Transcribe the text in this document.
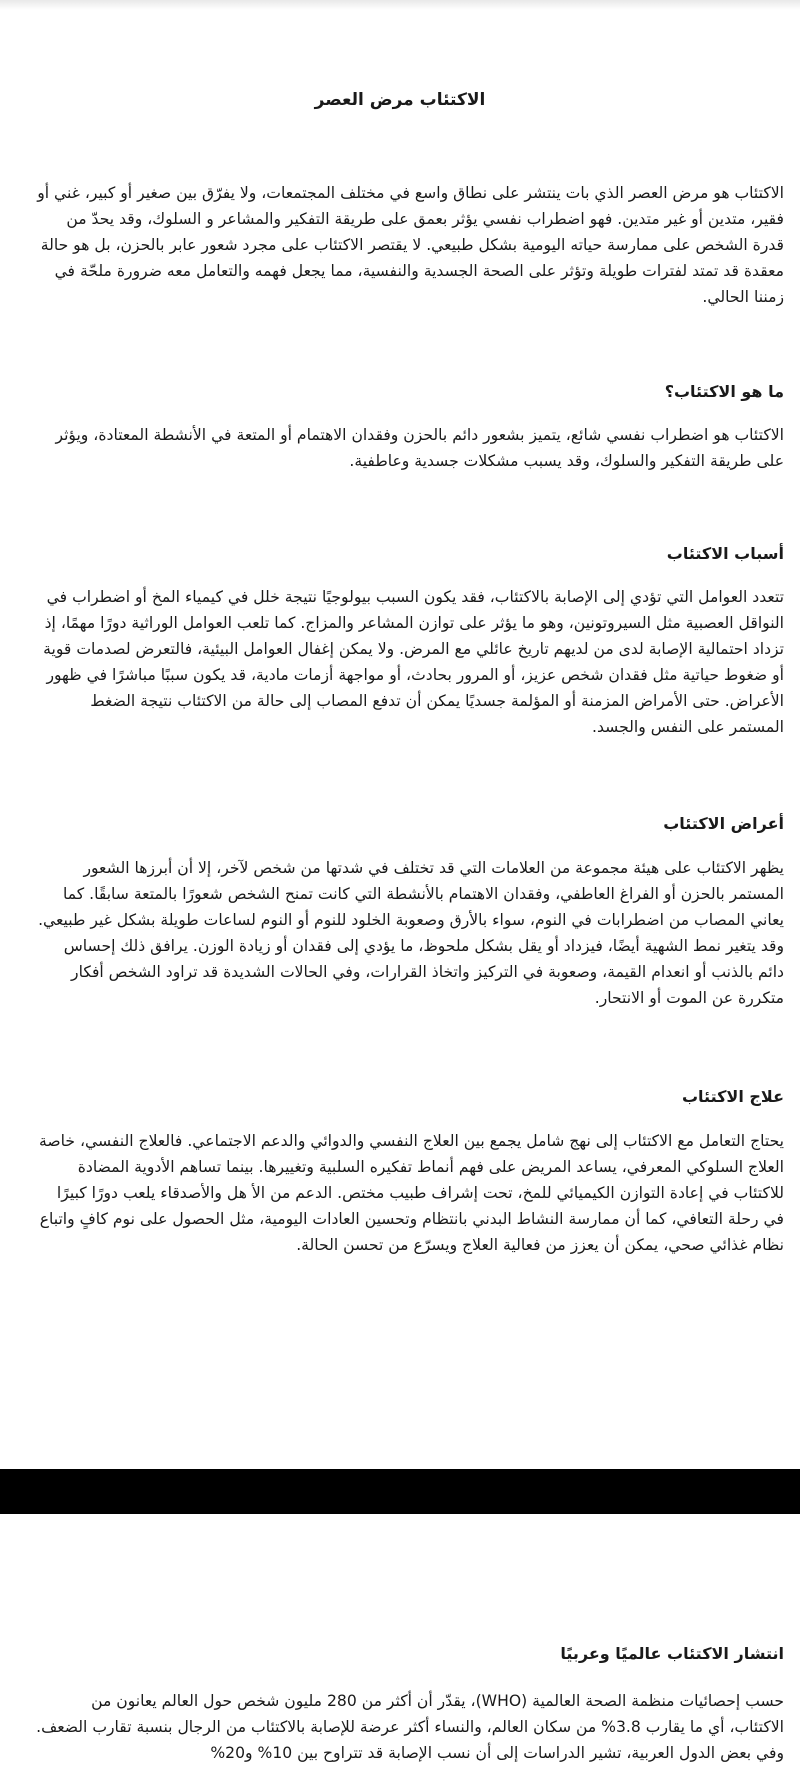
الاكتئاب مرض العصر
الاكتئاب هو مرض العصر الذي بات ينتشر على نطاق واسع في مختلف المجتمعات، ولا يفرّق بين صغير أو كبير، غني أو فقير، متدين أو غير متدين. فهو اضطراب نفسي يؤثر بعمق على طريقة التفكير والمشاعر و السلوك، وقد يحدّ من قدرة الشخص على ممارسة حياته اليومية بشكل طبيعي. لا يقتصر الاكتئاب على مجرد شعور عابر بالحزن، بل هو حالة معقدة قد تمتد لفترات طويلة وتؤثر على الصحة الجسدية والنفسية، مما يجعل فهمه والتعامل معه ضرورة ملحّة في زمننا الحالي.
ما هو الاكتئاب؟
الاكتئاب هو اضطراب نفسي شائع، يتميز بشعور دائم بالحزن وفقدان الاهتمام أو المتعة في الأنشطة المعتادة، ويؤثر على طريقة التفكير والسلوك، وقد يسبب مشكلات جسدية وعاطفية.
أسباب الاكتئاب
تتعدد العوامل التي تؤدي إلى الإصابة بالاكتئاب، فقد يكون السبب بيولوجيًا نتيجة خلل في كيمياء المخ أو اضطراب في النواقل العصبية مثل السيروتونين، وهو ما يؤثر على توازن المشاعر والمزاج. كما تلعب العوامل الوراثية دورًا مهمًا، إذ تزداد احتمالية الإصابة لدى من لديهم تاريخ عائلي مع المرض. ولا يمكن إغفال العوامل البيئية، فالتعرض لصدمات قوية أو ضغوط حياتية مثل فقدان شخص عزيز، أو المرور بحادث، أو مواجهة أزمات مادية، قد يكون سببًا مباشرًا في ظهور الأعراض. حتى الأمراض المزمنة أو المؤلمة جسديًا يمكن أن تدفع المصاب إلى حالة من الاكتئاب نتيجة الضغط المستمر على النفس والجسد.
أعراض الاكتئاب
يظهر الاكتئاب على هيئة مجموعة من العلامات التي قد تختلف في شدتها من شخص لآخر، إلا أن أبرزها الشعور المستمر بالحزن أو الفراغ العاطفي، وفقدان الاهتمام بالأنشطة التي كانت تمنح الشخص شعورًا بالمتعة سابقًا. كما يعاني المصاب من اضطرابات في النوم، سواء بالأرق وصعوبة الخلود للنوم أو النوم لساعات طويلة بشكل غير طبيعي. وقد يتغير نمط الشهية أيضًا، فيزداد أو يقل بشكل ملحوظ، ما يؤدي إلى فقدان أو زيادة الوزن. يرافق ذلك إحساس دائم بالذنب أو انعدام القيمة، وصعوبة في التركيز واتخاذ القرارات، وفي الحالات الشديدة قد تراود الشخص أفكار متكررة عن الموت أو الانتحار.
علاج الاكتئاب
يحتاج التعامل مع الاكتئاب إلى نهج شامل يجمع بين العلاج النفسي والدوائي والدعم الاجتماعي. فالعلاج النفسي، خاصة العلاج السلوكي المعرفي، يساعد المريض على فهم أنماط تفكيره السلبية وتغييرها. بينما تساهم الأدوية المضادة للاكتئاب في إعادة التوازن الكيميائي للمخ، تحت إشراف طبيب مختص. الدعم من الأ هل والأصدقاء يلعب دورًا كبيرًا في رحلة التعافي، كما أن ممارسة النشاط البدني بانتظام وتحسين العادات اليومية، مثل الحصول على نوم كافٍ واتباع نظام غذائي صحي، يمكن أن يعزز من فعالية العلاج ويسرّع من تحسن الحالة.
انتشار الاكتئاب عالميًا وعربيًا
حسب إحصائيات منظمة الصحة العالمية (WHO)، يقدّر أن أكثر من 280 مليون شخص حول العالم يعانون من الاكتئاب، أي ما يقارب 3.8% من سكان العالم، والنساء أكثر عرضة للإصابة بالاكتئاب من الرجال بنسبة تقارب الضعف. وفي بعض الدول العربية، تشير الدراسات إلى أن نسب الإصابة قد تتراوح بين 10% و20%
